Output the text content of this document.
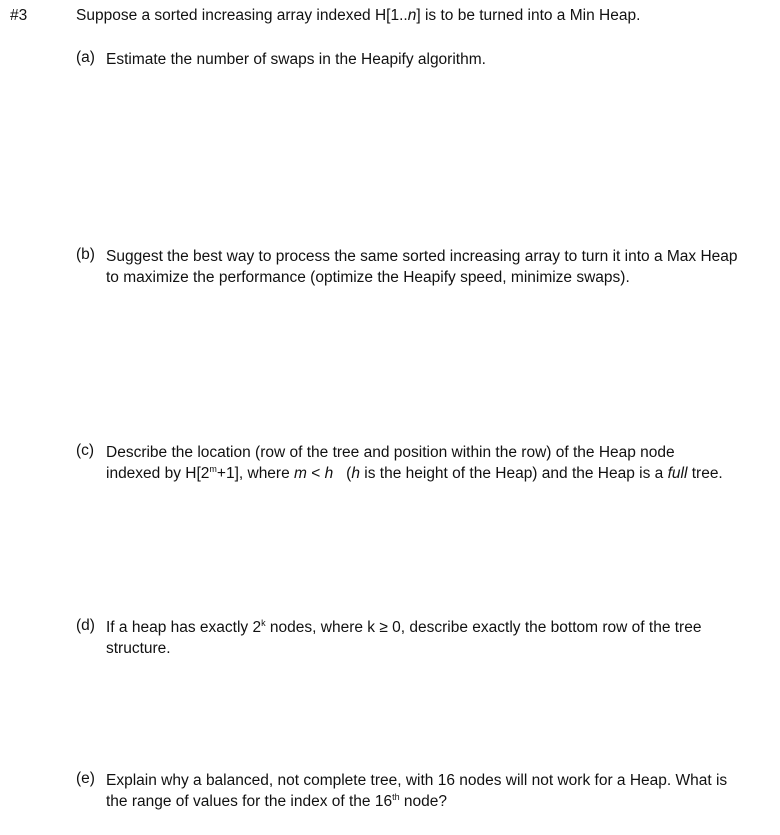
#3	Suppose a sorted increasing array indexed H[1..n] is to be turned into a Min Heap.
(a) Estimate the number of swaps in the Heapify algorithm.
(b) Suggest the best way to process the same sorted increasing array to turn it into a Max Heap
to maximize the performance (optimize the Heapify speed, minimize swaps).
(c) Describe the location (row of the tree and position within the row) of the Heap node
indexed by $H[2^m+1]$, where m < h   (h is the height of the Heap) and the Heap is a full tree.
(d) If a heap has exactly 2$^k$ nodes, where k ≥ 0, describe exactly the bottom row of the tree
structure.
(e) Explain why a balanced, not complete tree, with 16 nodes will not work for a Heap. What is
the range of values for the index of the 16th node?
